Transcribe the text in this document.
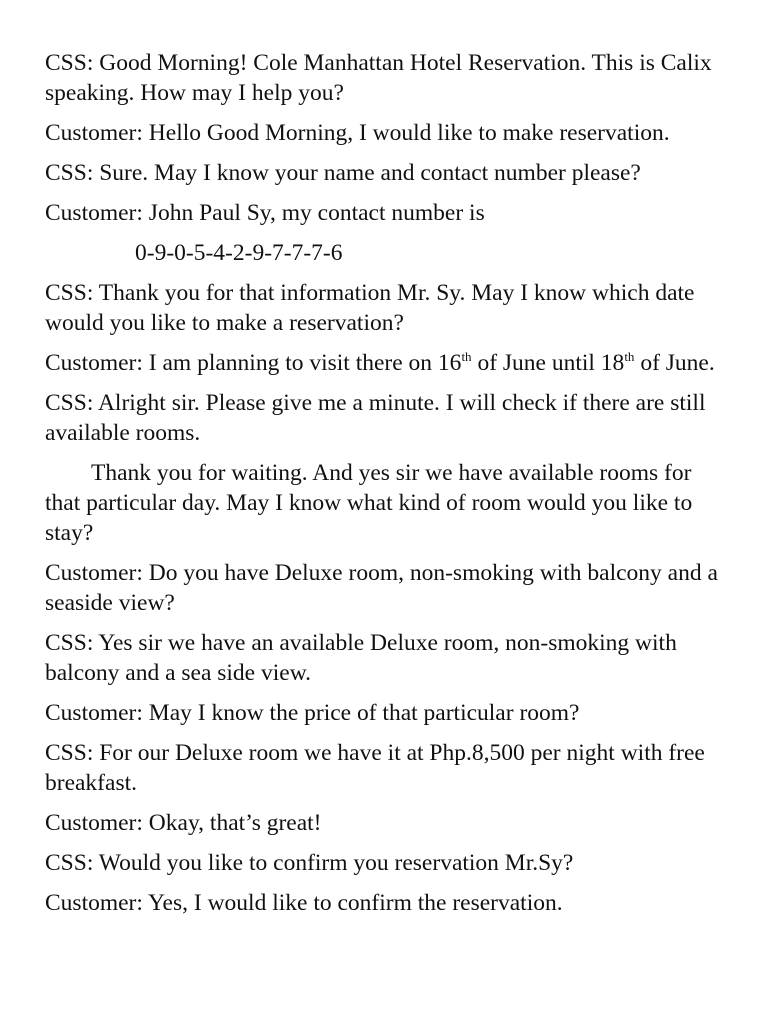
CSS: Good Morning! Cole Manhattan Hotel Reservation. This is Calix speaking. How may I help you?

Customer: Hello Good Morning, I would like to make reservation.

CSS: Sure. May I know your name and contact number please?

Customer: John Paul Sy, my contact number is

0-9-0-5-4-2-9-7-7-7-6

CSS: Thank you for that information Mr. Sy. May I know which date would you like to make a reservation?

Customer: I am planning to visit there on 16th of June until 18th of June.

CSS: Alright sir. Please give me a minute. I will check if there are still available rooms.

Thank you for waiting. And yes sir we have available rooms for that particular day. May I know what kind of room would you like to stay?

Customer: Do you have Deluxe room, non-smoking with balcony and a seaside view?

CSS: Yes sir we have an available Deluxe room, non-smoking with balcony and a sea side view.

Customer: May I know the price of that particular room?

CSS: For our Deluxe room we have it at Php.8,500 per night with free breakfast.

Customer: Okay, that’s great!

CSS: Would you like to confirm you reservation Mr.Sy?

Customer: Yes, I would like to confirm the reservation.
